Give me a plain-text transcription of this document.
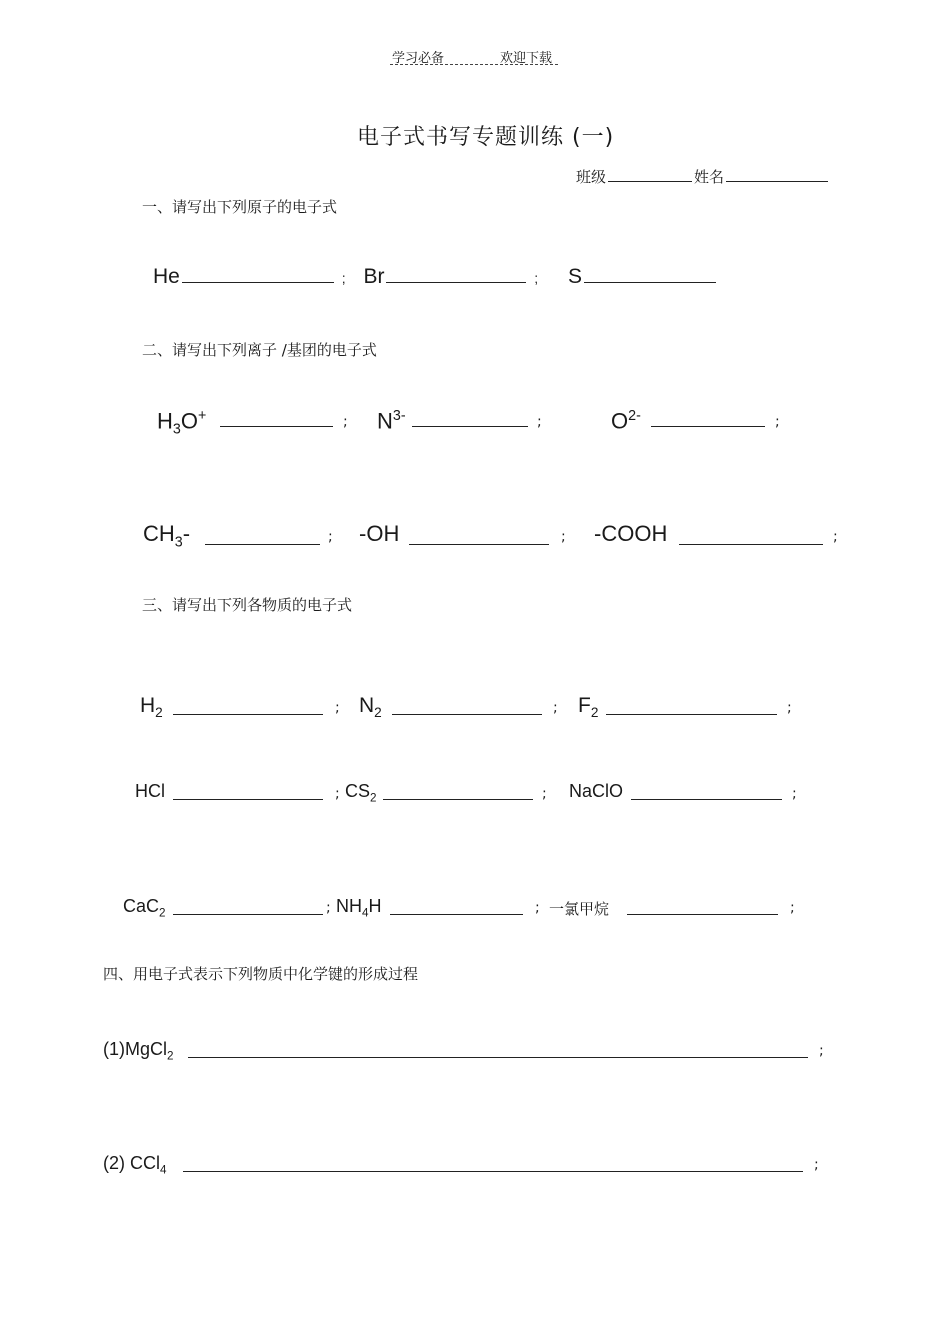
学习必备	欢迎下载
电子式书写专题训练 (一)
班级	姓名
一、请写出下列原子的电子式
He	; Br	; S
二、请写出下列离子 /基团的电子式
$H_3O^+$	; $N^{3-}$	;	$O^{2-}$	;
$CH_3-$	; -OH	; -COOH	;
三、请写出下列各物质的电子式
$H_2$	; $N_2$	; $F_2$	;
HCl	; $CS_2$	; NaClO	;
CaC$_2$	; $NH_4H$	; 一氯甲烷	;
四、用电子式表示下列物质中化学键的形成过程
(1)MgCl$_2$	;
(2) CCl$_4$	;
